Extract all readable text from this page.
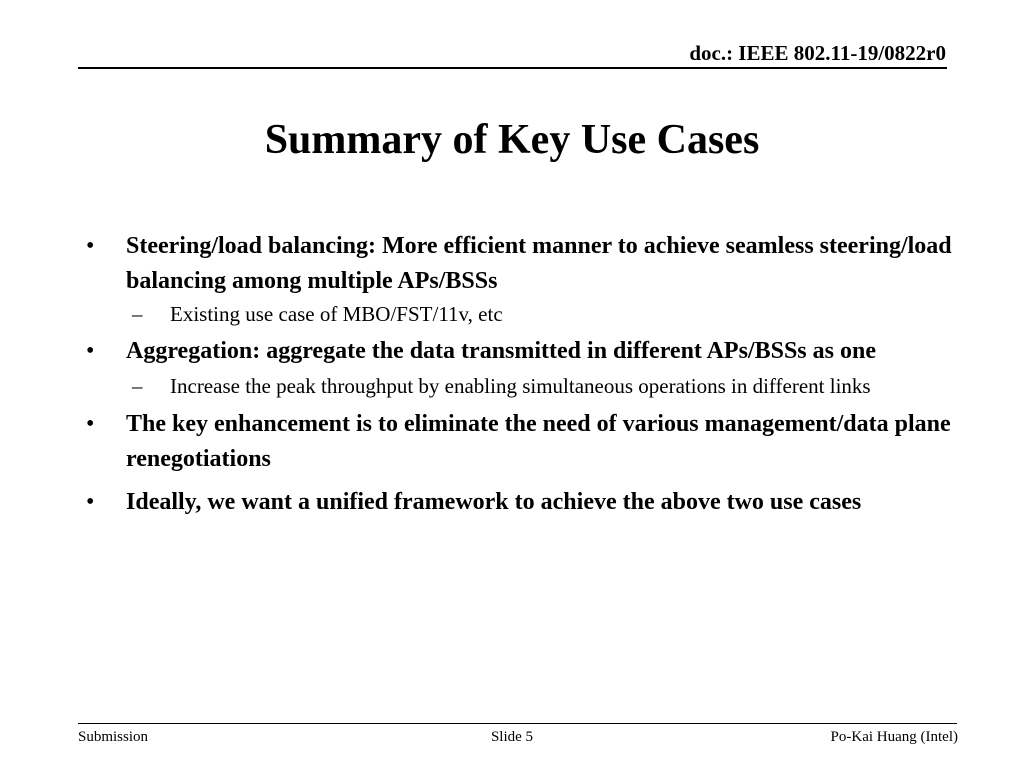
doc.: IEEE 802.11-19/0822r0
Summary of Key Use Cases
•	Steering/load balancing: More efficient manner to achieve seamless steering/load balancing among multiple APs/BSSs
– Existing use case of MBO/FST/11v, etc
•	Aggregation: aggregate the data transmitted in different APs/BSSs as one
– Increase the peak throughput by enabling simultaneous operations in different links
•	The key enhancement is to eliminate the need of various management/data plane renegotiations
•	Ideally, we want a unified framework to achieve the above two use cases
Submission	Slide 5	Po-Kai Huang (Intel)
